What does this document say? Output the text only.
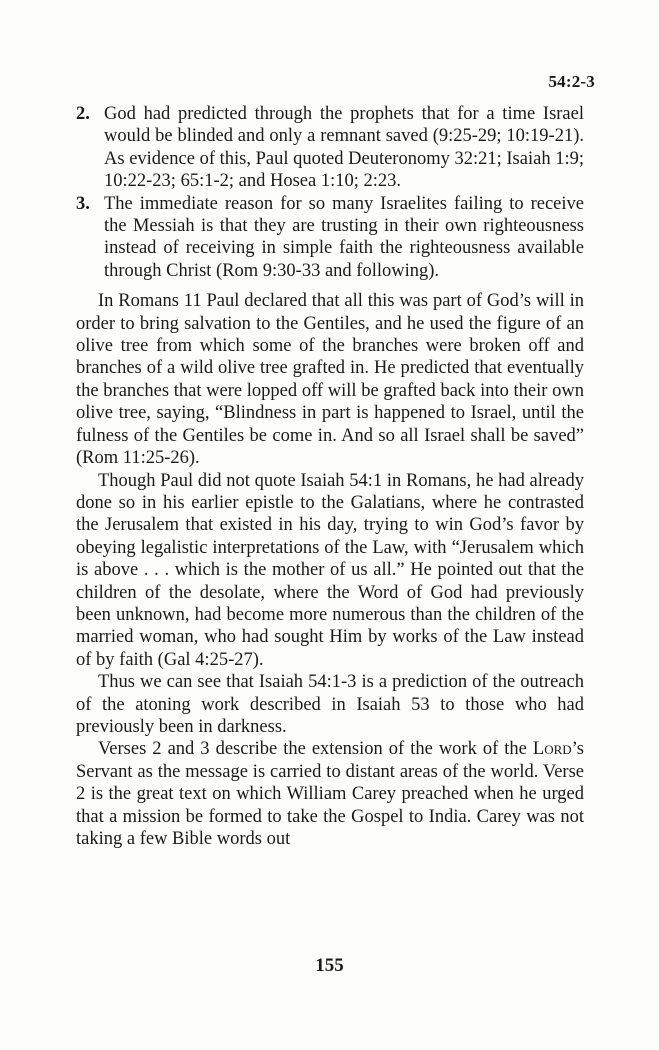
54:2-3

2. God had predicted through the prophets that for a time Israel would be blinded and only a remnant saved (9:25-29; 10:19-21). As evidence of this, Paul quoted Deuteronomy 32:21; Isaiah 1:9; 10:22-23; 65:1-2; and Hosea 1:10; 2:23.

3. The immediate reason for so many Israelites failing to receive the Messiah is that they are trusting in their own righteousness instead of receiving in simple faith the righteousness available through Christ (Rom 9:30-33 and following).

In Romans 11 Paul declared that all this was part of God’s will in order to bring salvation to the Gentiles, and he used the figure of an olive tree from which some of the branches were broken off and branches of a wild olive tree grafted in. He predicted that eventually the branches that were lopped off will be grafted back into their own olive tree, saying, “Blindness in part is happened to Israel, until the fulness of the Gentiles be come in. And so all Israel shall be saved” (Rom 11:25-26).

Though Paul did not quote Isaiah 54:1 in Romans, he had already done so in his earlier epistle to the Galatians, where he contrasted the Jerusalem that existed in his day, trying to win God’s favor by obeying legalistic interpretations of the Law, with “Jerusalem which is above . . . which is the mother of us all.” He pointed out that the children of the desolate, where the Word of God had previously been unknown, had become more numerous than the children of the married woman, who had sought Him by works of the Law instead of by faith (Gal 4:25-27).

Thus we can see that Isaiah 54:1-3 is a prediction of the outreach of the atoning work described in Isaiah 53 to those who had previously been in darkness.

Verses 2 and 3 describe the extension of the work of the Lord’s Servant as the message is carried to distant areas of the world. Verse 2 is the great text on which William Carey preached when he urged that a mission be formed to take the Gospel to India. Carey was not taking a few Bible words out

155
